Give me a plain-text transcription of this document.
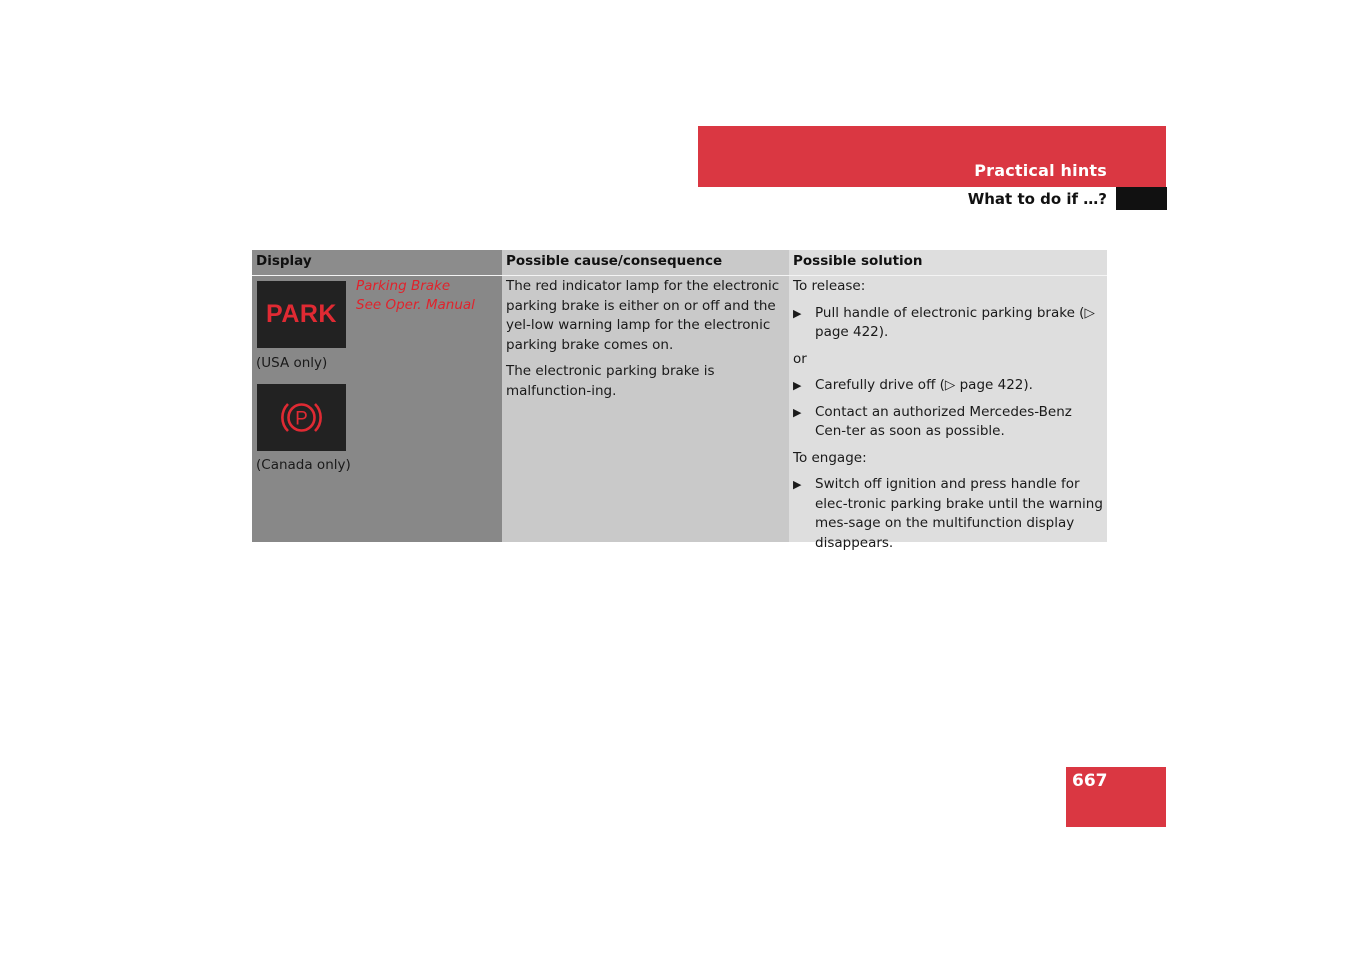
Practical hints
What to do if …?
Display	Possible cause/consequence	Possible solution
PARK
Parking Brake
See Oper. Manual
(USA only)
P
(Canada only)

The red indicator lamp for the electronic parking brake is either on or off and the yel-low warning lamp for the electronic parking brake comes on.

The electronic parking brake is malfunction-ing.

To release:

▶ Pull handle of electronic parking brake (▷ page 422).

or

▶ Carefully drive off (▷ page 422).
▶ Contact an authorized Mercedes-Benz Cen-ter as soon as possible.

To engage:

▶ Switch off ignition and press handle for elec-tronic parking brake until the warning mes-sage on the multifunction display disappears.
667
